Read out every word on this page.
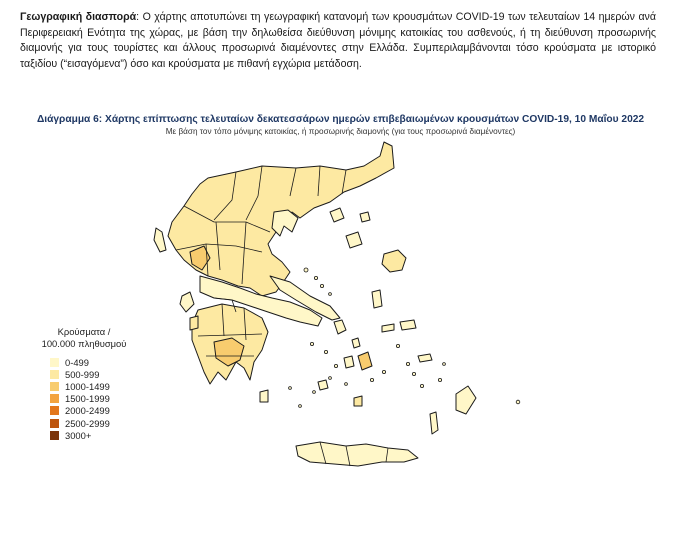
Γεωγραφική διασπορά: Ο χάρτης αποτυπώνει τη γεωγραφική κατανομή των κρουσμάτων COVID-19 των τελευταίων 14 ημερών ανά Περιφερειακή Ενότητα της χώρας, με βάση την δηλωθείσα διεύθυνση μόνιμης κατοικίας του ασθενούς, ή τη διεύθυνση προσωρινής διαμονής για τους τουρίστες και άλλους προσωρινά διαμένοντες στην Ελλάδα. Συμπεριλαμβάνονται τόσο κρούσματα με ιστορικό ταξιδίου (“εισαγόμενα”) όσο και κρούσματα με πιθανή εγχώρια μετάδοση.
Διάγραμμα 6: Χάρτης επίπτωσης τελευταίων δεκατεσσάρων ημερών επιβεβαιωμένων κρουσμάτων COVID-19, 10 Μαΐου 2022
Με βάση τον τόπο μόνιμης κατοικίας, ή προσωρινής διαμονής (για τους προσωρινά διαμένοντες)
Κρούσματα /
100.000 πληθυσμού
0-499
500-999
1000-1499
1500-1999
2000-2499
2500-2999
3000+
